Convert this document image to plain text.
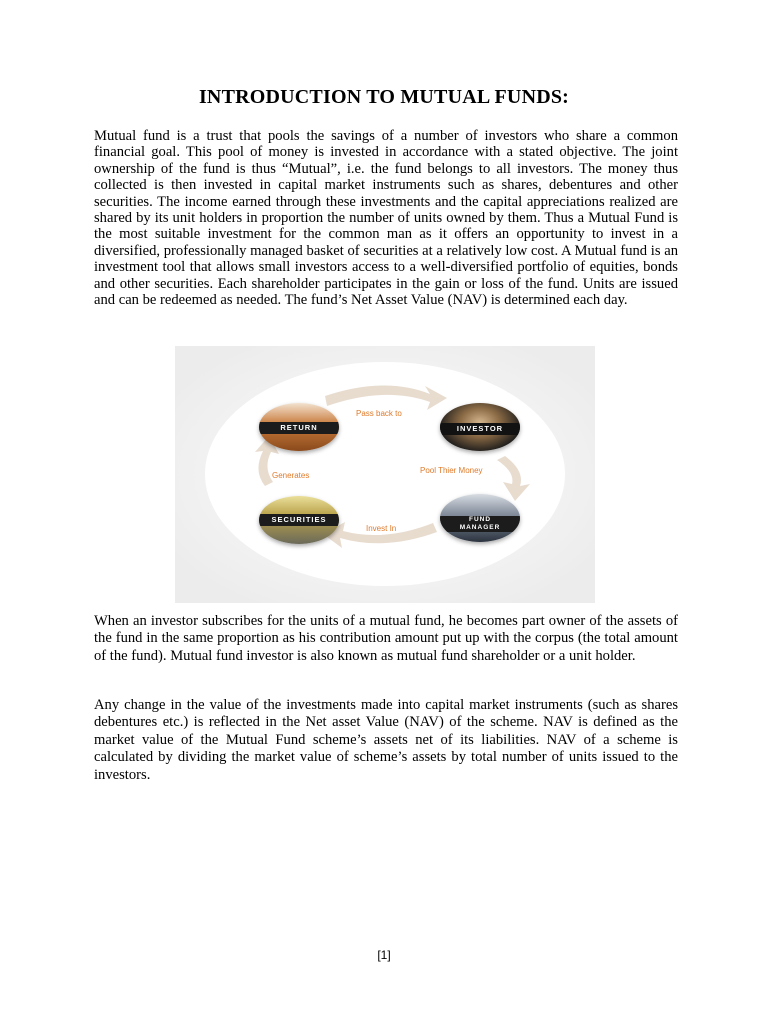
INTRODUCTION TO MUTUAL FUNDS:

Mutual fund is a trust that pools the savings of a number of investors who share a common financial goal. This pool of money is invested in accordance with a stated objective. The joint ownership of the fund is thus “Mutual”, i.e. the fund belongs to all investors. The money thus collected is then invested in capital market instruments such as shares, debentures and other securities. The income earned through these investments and the capital appreciations realized are shared by its unit holders in proportion the number of units owned by them. Thus a Mutual Fund is the most suitable investment for the common man as it offers an opportunity to invest in a diversified, professionally managed basket of securities at a relatively low cost. A Mutual fund is an investment tool that allows small investors access to a well-diversified portfolio of equities, bonds and other securities. Each shareholder participates in the gain or loss of the fund. Units are issued and can be redeemed as needed. The fund’s Net Asset Value (NAV) is determined each day.

RETURN	INVESTOR
SECURITIES	FUND
MANAGER
Pass back to
Pool Thier Money
Invest In
Generates

When an investor subscribes for the units of a mutual fund, he becomes part owner of the assets of the fund in the same proportion as his contribution amount put up with the corpus (the total amount of the fund). Mutual fund investor is also known as mutual fund shareholder or a unit holder.

Any change in the value of the investments made into capital market instruments (such as shares debentures etc.) is reflected in the Net asset Value (NAV) of the scheme. NAV is defined as the market value of the Mutual Fund scheme’s assets net of its liabilities. NAV of a scheme is calculated by dividing the market value of scheme’s assets by total number of units issued to the investors.

[1]
